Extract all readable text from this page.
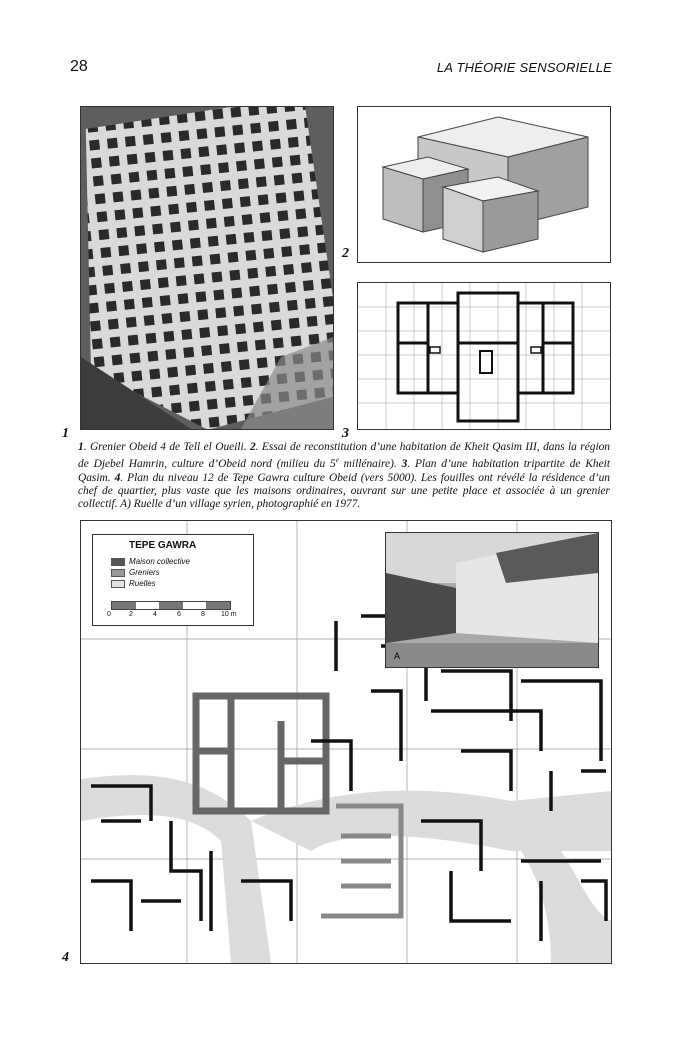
28	LA THÉORIE SENSORIELLE
1
2
3
1. Grenier Obeid 4 de Tell el Oueili. 2. Essai de reconstitution d’une habitation de Kheit Qasim III, dans la région de Djebel Hamrin, culture d’Obeid nord (milieu du 5e millénaire). 3. Plan d’une habitation tripartite de Kheit Qasim. 4. Plan du niveau 12 de Tepe Gawra culture Obeid (vers 5000). Les fouilles ont révélé la résidence d’un chef de quartier, plus vaste que les maisons ordinaires, ouvrant sur une petite place et associée à un grenier collectif. A) Ruelle d’un village syrien, photographié en 1977.
TEPE GAWRA
Maison collective
Greniers
Ruelles
0	2	4	6	8 10 m
A
4
